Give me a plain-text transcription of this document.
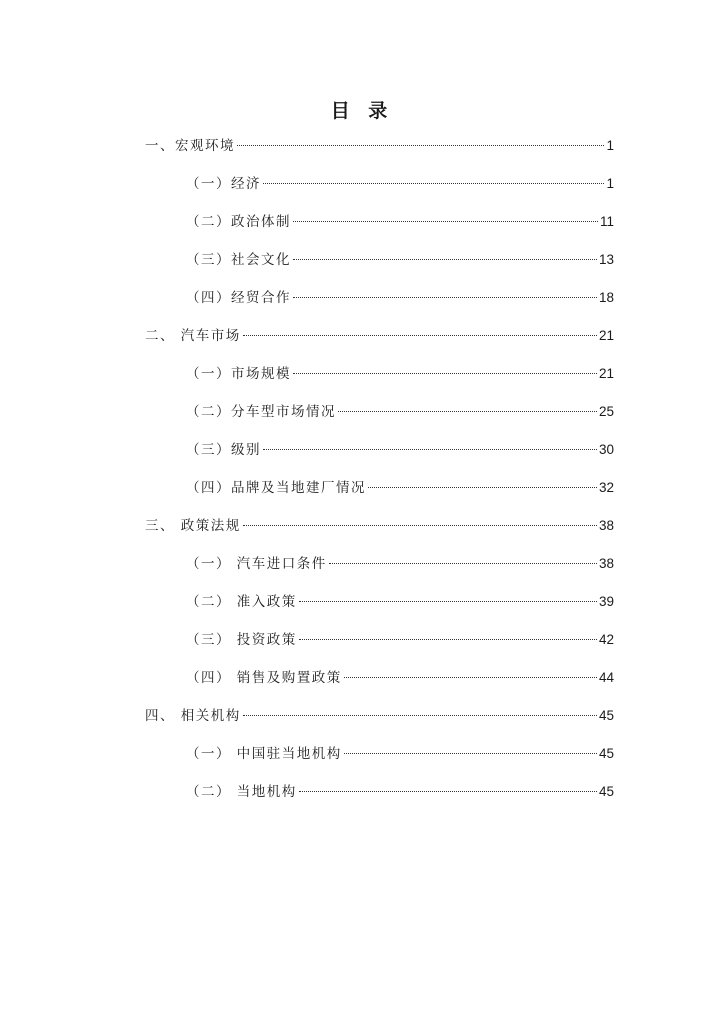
目 录
一、宏观环境	1
（一）经济	1
（二）政治体制	11
（三）社会文化	13
（四）经贸合作	18
二、 汽车市场	21
（一）市场规模	21
（二）分车型市场情况	25
（三）级别	30
（四）品牌及当地建厂情况	32
三、 政策法规	38
（一） 汽车进口条件	38
（二） 准入政策	39
（三） 投资政策	42
（四） 销售及购置政策	44
四、 相关机构	45
（一） 中国驻当地机构	45
（二） 当地机构	45
